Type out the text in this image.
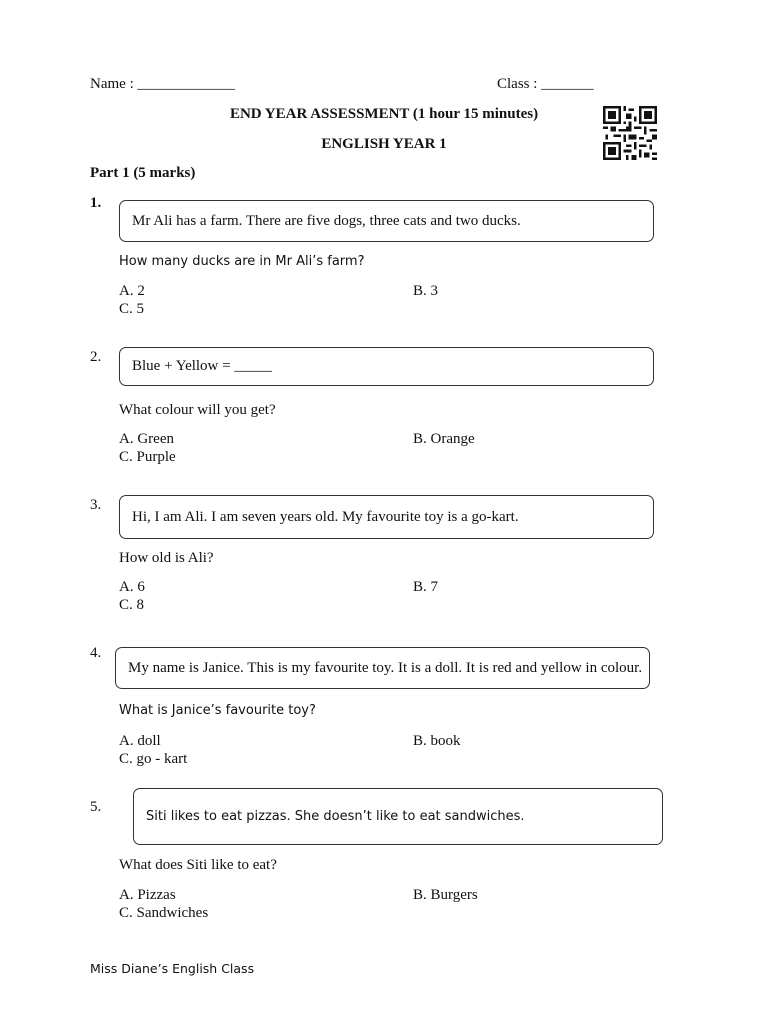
Name : _____________	Class : _______
END YEAR ASSESSMENT (1 hour 15 minutes)
ENGLISH YEAR 1
Part 1 (5 marks)
1.
Mr Ali has a farm. There are five dogs, three cats and two ducks.
How many ducks are in Mr Ali’s farm?
A. 2	B. 3
C. 5
2.
Blue + Yellow = _____
What colour will you get?
A. Green	B. Orange
C. Purple
3.
Hi, I am Ali. I am seven years old. My favourite toy is a go-kart.
How old is Ali?
A. 6	B. 7
C. 8
4.
My name is Janice. This is my favourite toy. It is a doll. It is red and yellow in colour.
What is Janice’s favourite toy?
A. doll	B. book
C. go - kart
5.
Siti likes to eat pizzas. She doesn’t like to eat sandwiches.
What does Siti like to eat?
A. Pizzas	B. Burgers
C. Sandwiches
Miss Diane’s English Class
